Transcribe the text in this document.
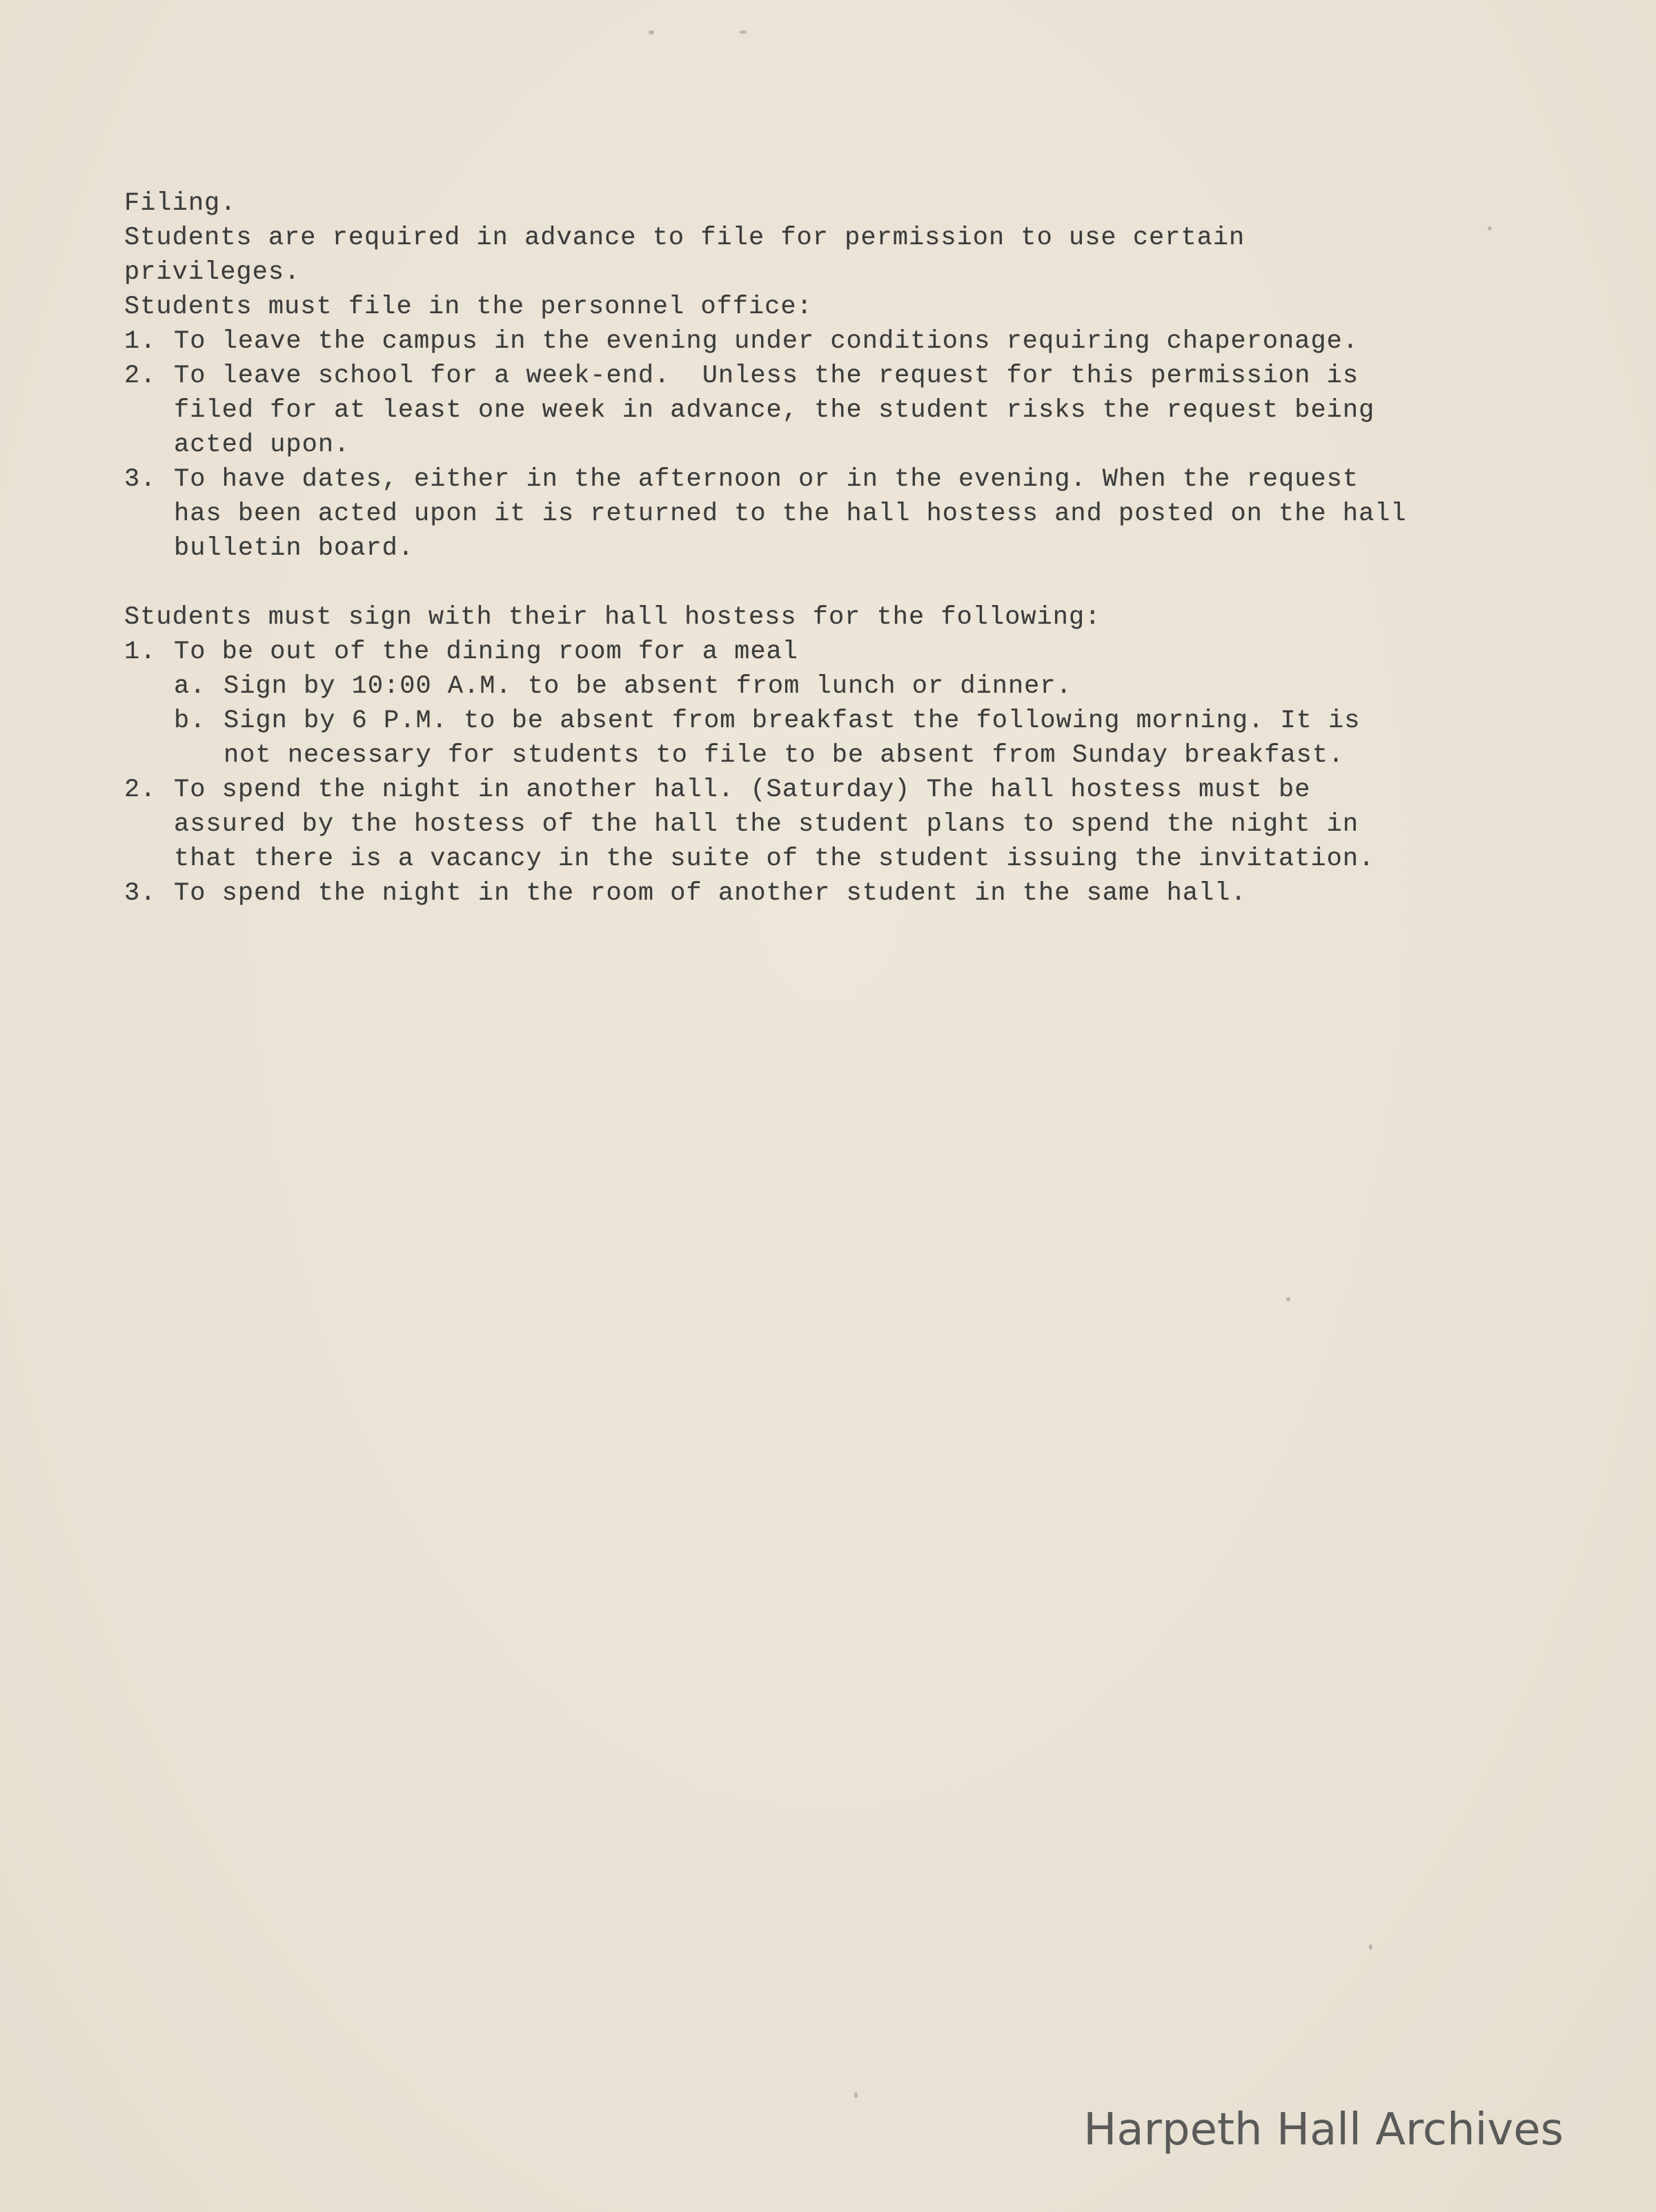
Filing.
Students are required in advance to file for permission to use certain
privileges.
Students must file in the personnel office:
1. To leave the campus in the evening under conditions requiring chaperonage.
2. To leave school for a week-end.  Unless the request for this permission is
filed for at least one week in advance, the student risks the request being
acted upon.
3. To have dates, either in the afternoon or in the evening. When the request
has been acted upon it is returned to the hall hostess and posted on the hall
bulletin board.
Students must sign with their hall hostess for the following:
1. To be out of the dining room for a meal
a. Sign by 10:00 A.M. to be absent from lunch or dinner.
b. Sign by 6 P.M. to be absent from breakfast the following morning. It is
not necessary for students to file to be absent from Sunday breakfast.
2. To spend the night in another hall. (Saturday) The hall hostess must be
assured by the hostess of the hall the student plans to spend the night in
that there is a vacancy in the suite of the student issuing the invitation.
3. To spend the night in the room of another student in the same hall.
Harpeth Hall Archives
